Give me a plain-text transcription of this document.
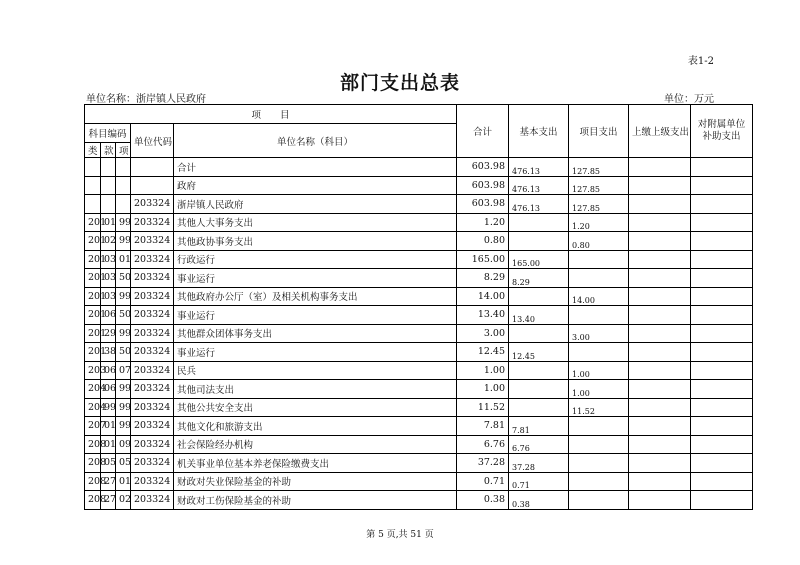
表1-2
部门支出总表
单位名称：浙岸镇人民政府	单位：万元
项　　目					合计	基本支出	项目支出	上缴上级支出	对附属单位补助支出
科目编码			单位代码	单位名称（科目）					
类	款	项							
				合计	603.98	476.13	127.85		
				政府	603.98	476.13	127.85		
			203324	浙岸镇人民政府	603.98	476.13	127.85		
201	01	99	203324	其他人大事务支出	1.20		1.20		
201	02	99	203324	其他政协事务支出	0.80		0.80		
201	03	01	203324	行政运行	165.00	165.00			
201	03	50	203324	事业运行	8.29	8.29			
201	03	99	203324	其他政府办公厅（室）及相关机构事务支出	14.00		14.00		
201	06	50	203324	事业运行	13.40	13.40			
201	29	99	203324	其他群众团体事务支出	3.00		3.00		
201	38	50	203324	事业运行	12.45	12.45			
203	06	07	203324	民兵	1.00		1.00		
204	06	99	203324	其他司法支出	1.00		1.00		
204	99	99	203324	其他公共安全支出	11.52		11.52		
207	01	99	203324	其他文化和旅游支出	7.81	7.81			
208	01	09	203324	社会保险经办机构	6.76	6.76			
208	05	05	203324	机关事业单位基本养老保险缴费支出	37.28	37.28			
208	27	01	203324	财政对失业保险基金的补助	0.71	0.71			
208	27	02	203324	财政对工伤保险基金的补助	0.38	0.38			
第 5 页,共 51 页
